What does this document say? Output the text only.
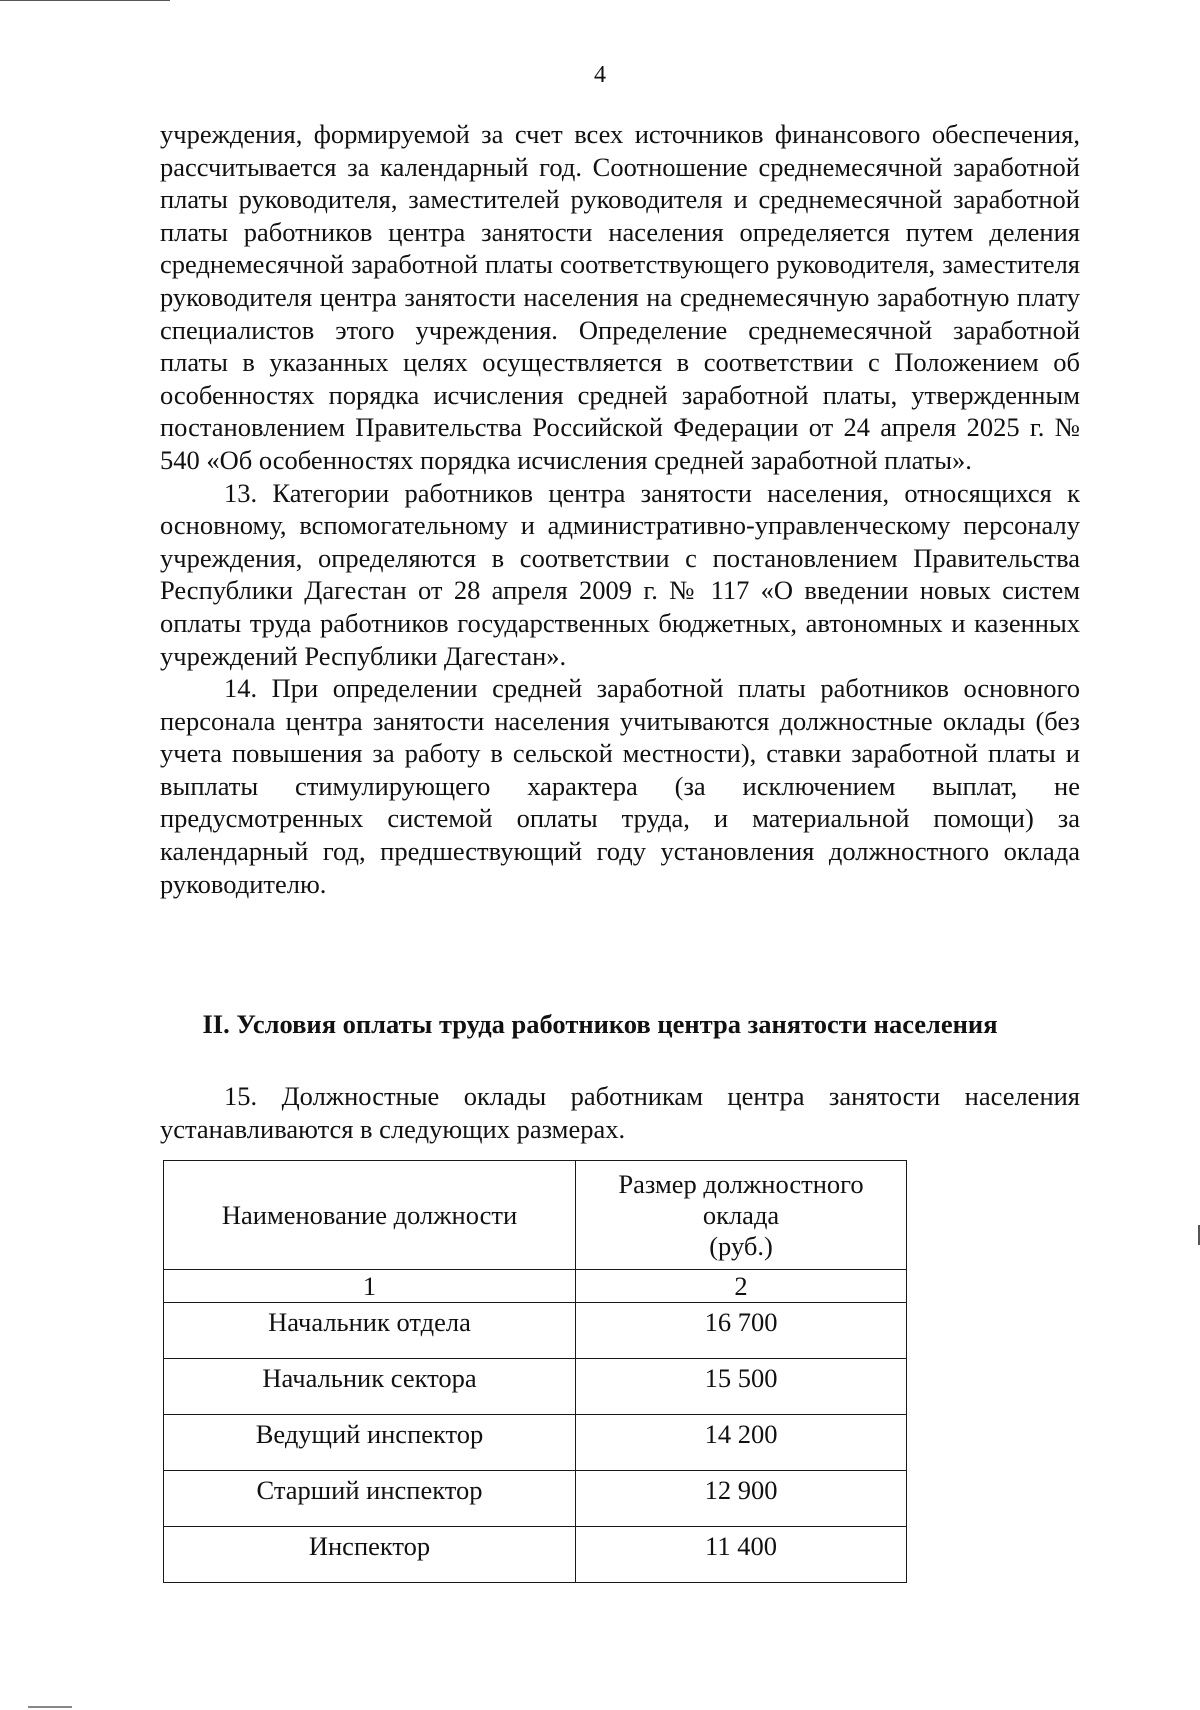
4

учреждения, формируемой за счет всех источников финансового обеспечения, рассчитывается за календарный год. Соотношение среднемесячной заработной платы руководителя, заместителей руководителя и среднемесячной заработной платы работников центра занятости населения определяется путем деления среднемесячной заработной платы соответствующего руководителя, заместителя руководителя центра занятости населения на среднемесячную заработную плату специалистов этого учреждения. Определение среднемесячной заработной платы в указанных целях осуществляется в соответствии с Положением об особенностях порядка исчисления средней заработной платы, утвержденным постановлением Правительства Российской Федерации от 24 апреля 2025 г. № 540 «Об особенностях порядка исчисления средней заработной платы».

13. Категории работников центра занятости населения, относящихся к основному, вспомогательному и административно-управленческому персоналу учреждения, определяются в соответствии с постановлением Правительства Республики Дагестан от 28 апреля 2009 г. № 117 «О введении новых систем оплаты труда работников государственных бюджетных, автономных и казенных учреждений Республики Дагестан».

14. При определении средней заработной платы работников основного персонала центра занятости населения учитываются должностные оклады (без учета повышения за работу в сельской местности), ставки заработной платы и выплаты стимулирующего характера (за исключением выплат, не предусмотренных системой оплаты труда, и материальной помощи) за календарный год, предшествующий году установления должностного оклада руководителю.

II. Условия оплаты труда работников центра занятости населения

15. Должностные оклады работникам центра занятости населения устанавливаются в следующих размерах.

Наименование должности	Размер должностного
оклада
(руб.)
1	2
Начальник отдела	16 700
Начальник сектора	15 500
Ведущий инспектор	14 200
Старший инспектор	12 900
Инспектор	11 400
